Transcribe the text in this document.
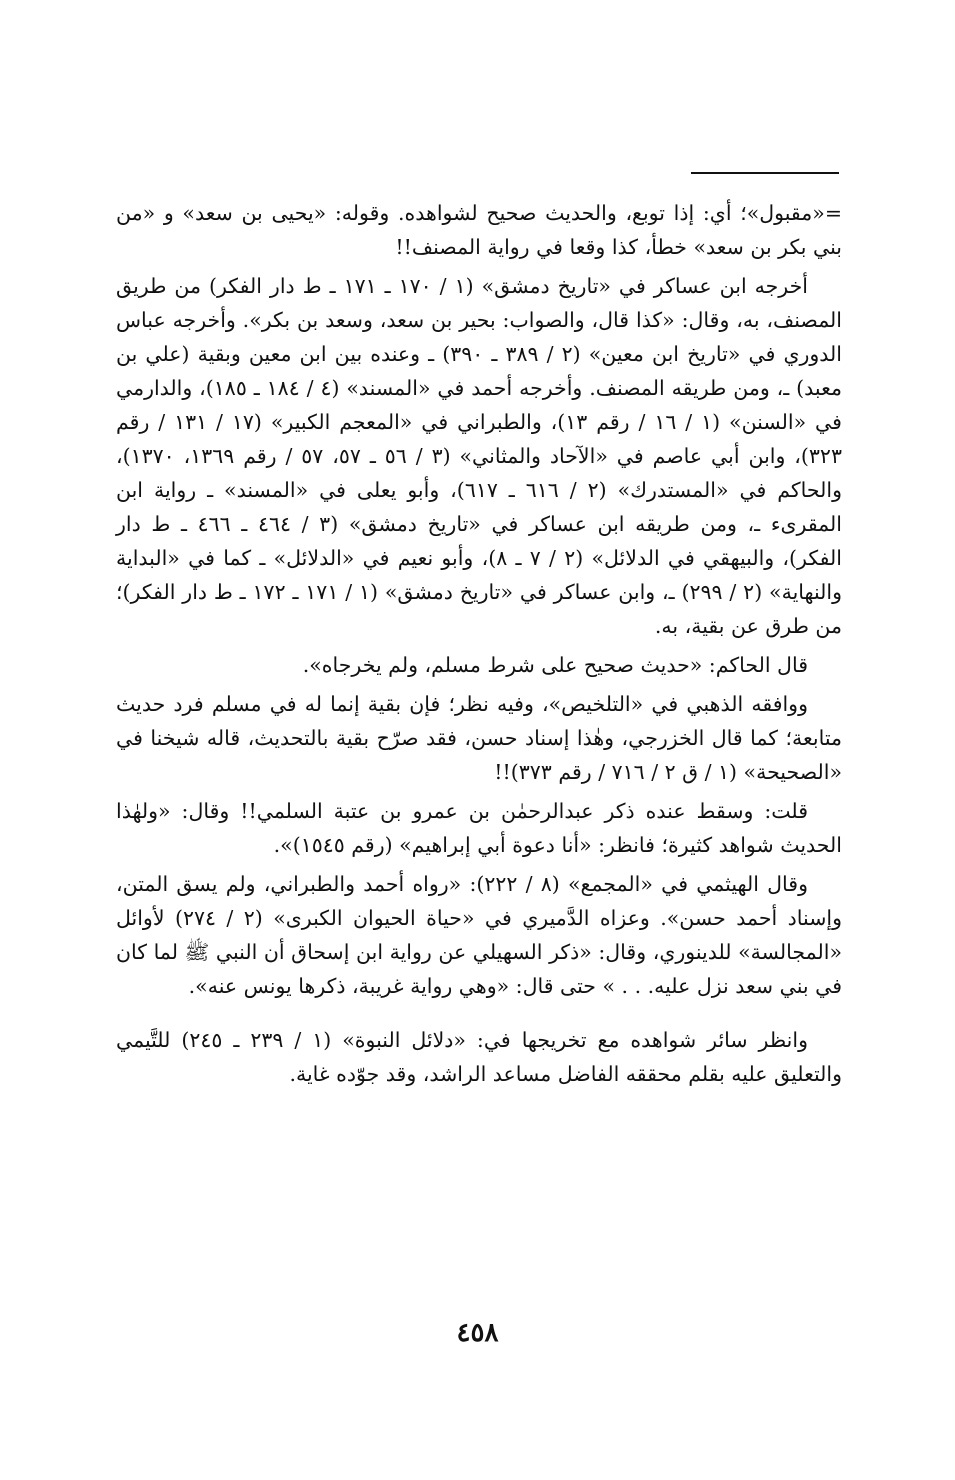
=«مقبول»؛ أي: إذا توبع، والحديث صحيح لشواهده. وقوله: «يحيى بن سعد» و «من بني بكر بن سعد» خطأ، كذا وقعا في رواية المصنف!!

أخرجه ابن عساكر في «تاريخ دمشق» (١ / ١٧٠ ـ ١٧١ ـ ط دار الفكر) من طريق المصنف، به، وقال: «كذا قال، والصواب: بحير بن سعد، وسعد بن بكر». وأخرجه عباس الدوري في «تاريخ ابن معين» (٢ / ٣٨٩ ـ ٣٩٠) ـ وعنده بين ابن معين وبقية (علي بن معبد) ـ، ومن طريقه المصنف. وأخرجه أحمد في «المسند» (٤ / ١٨٤ ـ ١٨٥)، والدارمي في «السنن» (١ / ١٦ / رقم ١٣)، والطبراني في «المعجم الكبير» (١٧ / ١٣١ / رقم ٣٢٣)، وابن أبي عاصم في «الآحاد والمثاني» (٣ / ٥٦ ـ ٥٧، ٥٧ / رقم ١٣٦٩، ١٣٧٠)، والحاكم في «المستدرك» (٢ / ٦١٦ ـ ٦١٧)، وأبو يعلى في «المسند» ـ رواية ابن المقرىء ـ، ومن طريقه ابن عساكر في «تاريخ دمشق» (٣ / ٤٦٤ ـ ٤٦٦ ـ ط دار الفكر)، والبيهقي في الدلائل» (٢ / ٧ ـ ٨)، وأبو نعيم في «الدلائل» ـ كما في «البداية والنهاية» (٢ / ٢٩٩) ـ، وابن عساكر في «تاريخ دمشق» (١ / ١٧١ ـ ١٧٢ ـ ط دار الفكر)؛ من طرق عن بقية، به.

قال الحاكم: «حديث صحيح على شرط مسلم، ولم يخرجاه».

ووافقه الذهبي في «التلخيص»، وفيه نظر؛ فإن بقية إنما له في مسلم فرد حديث متابعة؛ كما قال الخزرجي، وهٰذا إسناد حسن، فقد صرّح بقية بالتحديث، قاله شيخنا في «الصحيحة» (١ / ق ٢ / ٧١٦ / رقم ٣٧٣)!!

قلت: وسقط عنده ذكر عبدالرحمٰن بن عمرو بن عتبة السلمي!! وقال: «ولهٰذا الحديث شواهد كثيرة؛ فانظر: «أنا دعوة أبي إبراهيم» (رقم ١٥٤٥)».

وقال الهيثمي في «المجمع» (٨ / ٢٢٢): «رواه أحمد والطبراني، ولم يسق المتن، وإسناد أحمد حسن». وعزاه الدَّميري في «حياة الحيوان الكبرى» (٢ / ٢٧٤) لأوائل «المجالسة» للدينوري، وقال: «ذكر السهيلي عن رواية ابن إسحاق أن النبي ﷺ لما كان في بني سعد نزل عليه. . . » حتى قال: «وهي رواية غريبة، ذكرها يونس عنه».

وانظر سائر شواهده مع تخريجها في: «دلائل النبوة» (١ / ٢٣٩ ـ ٢٤٥) للتَّيمي والتعليق عليه بقلم محققه الفاضل مساعد الراشد، وقد جوّده غاية.

٤٥٨
